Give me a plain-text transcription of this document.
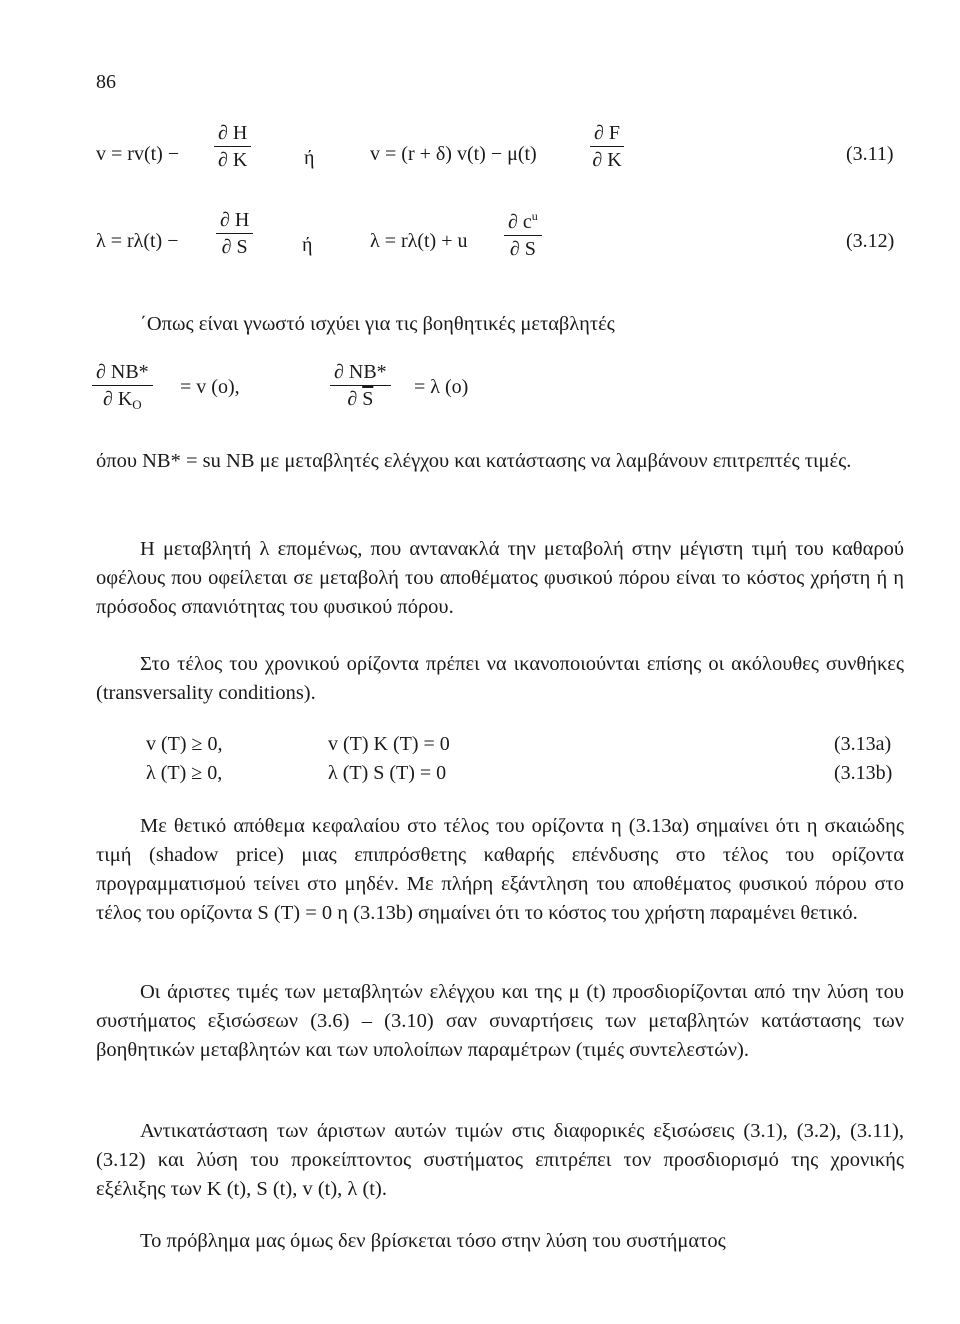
86
$v = rv(t) - \frac{\partial H}{\partial K}$	ή	v = (r + δ) v(t) − μ(t)	$\frac{\partial F}{\partial K}$	(3.11)
$\lambda = r\lambda(t) - \frac{\partial H}{\partial S}$ ή	λ = rλ(t) + u $\frac{\partial c^u}{\partial S}$	(3.12)
΄Οπως είναι γνωστό ισχύει για τις βοηθητικές μεταβλητές
$\frac{\partial NB*}{\partial K_O} = v$ (o),	$\frac{\partial NB*}{\partial \overline{S}} = \lambda$ (o)
όπου NB* = su NB με μεταβλητές ελέγχου και κατάστασης να λαμβάνουν επιτρεπτές τιμές.
Η μεταβλητή λ επομένως, που αντανακλά την μεταβολή στην μέγιστη τιμή του καθαρού οφέλους που οφείλεται σε μεταβολή του αποθέματος φυσικού πόρου είναι το κόστος χρήστη ή η πρόσοδος σπανιότητας του φυσικού πόρου.
Στο τέλος του χρονικού ορίζοντα πρέπει να ικανοποιούνται επίσης οι ακόλουθες συνθήκες (transversality conditions).
v (T) ≥ 0,	v (T) K (T) = 0	(3.13a)
λ (T) ≥ 0,	λ (T) S (T) = 0	(3.13b)
Με θετικό απόθεμα κεφαλαίου στο τέλος του ορίζοντα η (3.13α) σημαίνει ότι η σκαιώδης τιμή (shadow price) μιας επιπρόσθετης καθαρής επένδυσης στο τέλος του ορίζοντα προγραμματισμού τείνει στο μηδέν. Με πλήρη εξάντληση του αποθέματος φυσικού πόρου στο τέλος του ορίζοντα S (T) = 0 η (3.13b) σημαίνει ότι το κόστος του χρήστη παραμένει θετικό.
Οι άριστες τιμές των μεταβλητών ελέγχου και της μ (t) προσδιορίζονται από την λύση του συστήματος εξισώσεων (3.6) – (3.10) σαν συναρτήσεις των μεταβλητών κατάστασης των βοηθητικών μεταβλητών και των υπολοίπων παραμέτρων (τιμές συντελεστών).
Αντικατάσταση των άριστων αυτών τιμών στις διαφορικές εξισώσεις (3.1), (3.2), (3.11), (3.12) και λύση του προκείπτοντος συστήματος επιτρέπει τον προσδιορισμό της χρονικής εξέλιξης των K (t), S (t), v (t), λ (t).
Το πρόβλημα μας όμως δεν βρίσκεται τόσο στην λύση του συστήματος
